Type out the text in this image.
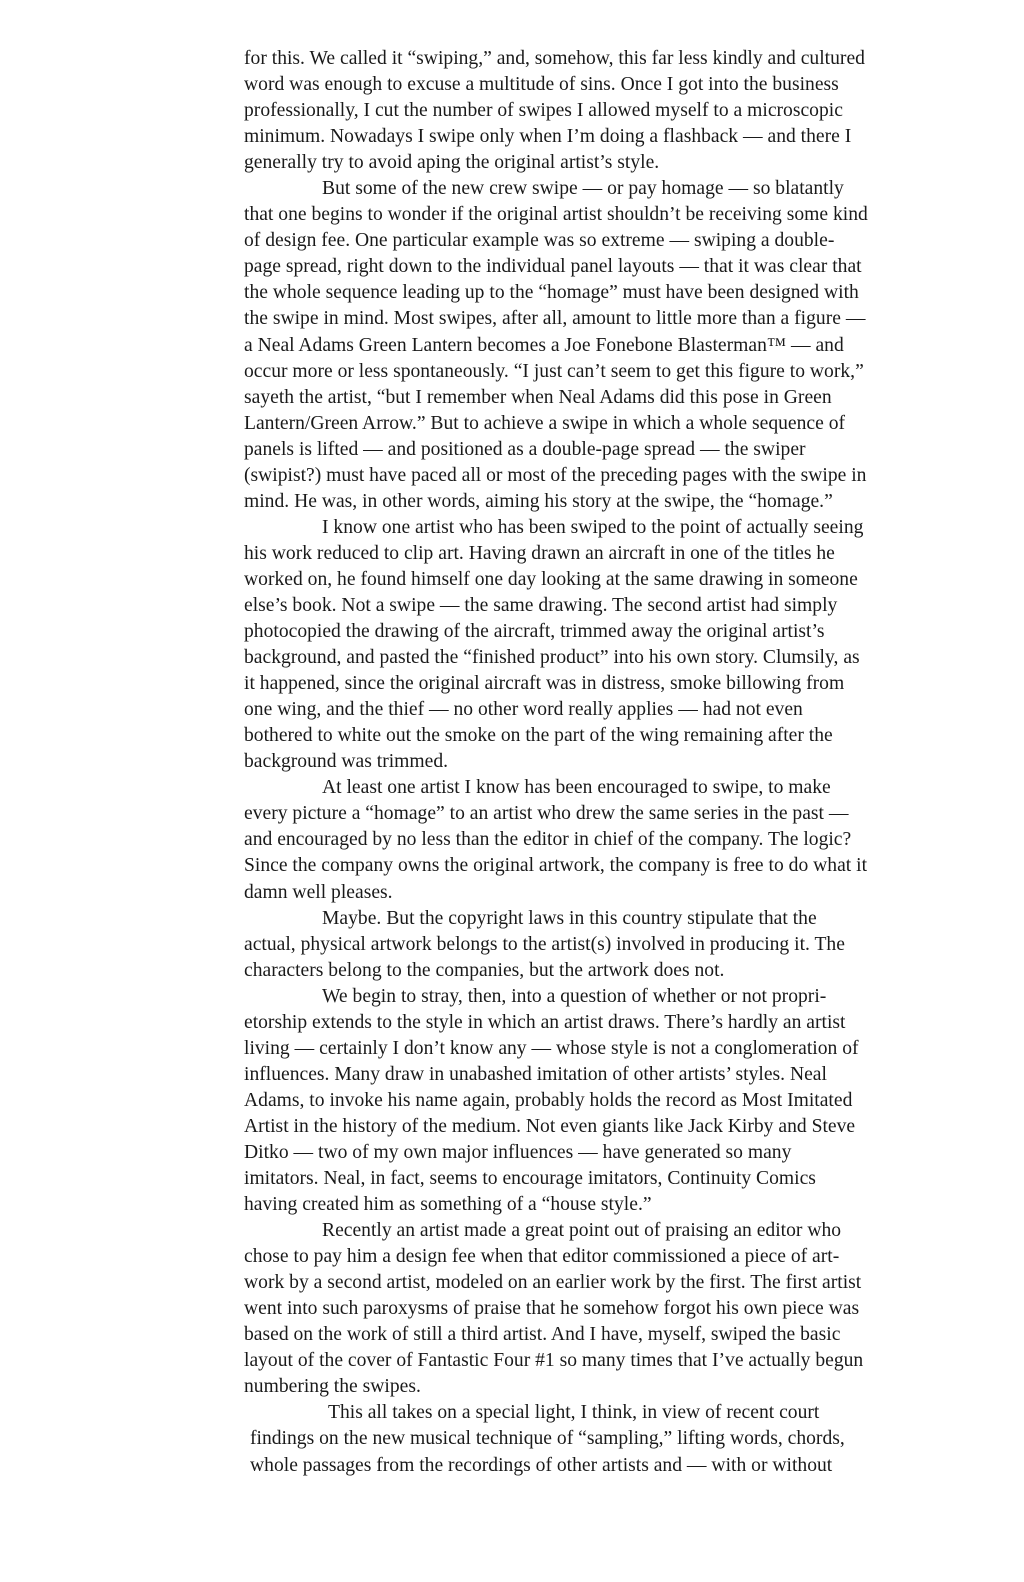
for this. We called it “swiping,” and, somehow, this far less kindly and cultured word was enough to excuse a multitude of sins. Once I got into the business professionally, I cut the number of swipes I allowed myself to a microscopic minimum. Nowadays I swipe only when I’m doing a flashback — and there I generally try to avoid aping the original artist’s style.

But some of the new crew swipe — or pay homage — so blatantly that one begins to wonder if the original artist shouldn’t be receiving some kind of design fee. One particular example was so extreme — swiping a double-page spread, right down to the individual panel layouts — that it was clear that the whole sequence leading up to the “homage” must have been designed with the swipe in mind. Most swipes, after all, amount to little more than a figure — a Neal Adams Green Lantern becomes a Joe Fonebone Blasterman™ — and occur more or less spontaneously. “I just can’t seem to get this figure to work,” sayeth the artist, “but I remember when Neal Adams did this pose in Green Lantern/Green Arrow.” But to achieve a swipe in which a whole sequence of panels is lifted — and positioned as a double-page spread — the swiper (swipist?) must have paced all or most of the preceding pages with the swipe in mind. He was, in other words, aiming his story at the swipe, the “homage.”

I know one artist who has been swiped to the point of actually seeing his work reduced to clip art. Having drawn an aircraft in one of the titles he worked on, he found himself one day looking at the same drawing in someone else’s book. Not a swipe — the same drawing. The second artist had simply photocopied the drawing of the aircraft, trimmed away the original artist’s background, and pasted the “finished product” into his own story. Clumsily, as it happened, since the original aircraft was in distress, smoke billowing from one wing, and the thief — no other word really applies — had not even bothered to white out the smoke on the part of the wing remaining after the background was trimmed.

At least one artist I know has been encouraged to swipe, to make every picture a “homage” to an artist who drew the same series in the past — and encouraged by no less than the editor in chief of the company. The logic? Since the company owns the original artwork, the company is free to do what it damn well pleases.

Maybe. But the copyright laws in this country stipulate that the actual, physical artwork belongs to the artist(s) involved in producing it. The characters belong to the companies, but the artwork does not.

We begin to stray, then, into a question of whether or not proprietorship extends to the style in which an artist draws. There’s hardly an artist living — certainly I don’t know any — whose style is not a conglomeration of influences. Many draw in unabashed imitation of other artists’ styles. Neal Adams, to invoke his name again, probably holds the record as Most Imitated Artist in the history of the medium. Not even giants like Jack Kirby and Steve Ditko — two of my own major influences — have generated so many imitators. Neal, in fact, seems to encourage imitators, Continuity Comics having created him as something of a “house style.”

Recently an artist made a great point out of praising an editor who chose to pay him a design fee when that editor commissioned a piece of artwork by a second artist, modeled on an earlier work by the first. The first artist went into such paroxysms of praise that he somehow forgot his own piece was based on the work of still a third artist. And I have, myself, swiped the basic layout of the cover of Fantastic Four #1 so many times that I’ve actually begun numbering the swipes.

This all takes on a special light, I think, in view of recent court findings on the new musical technique of “sampling,” lifting words, chords, whole passages from the recordings of other artists and — with or without
